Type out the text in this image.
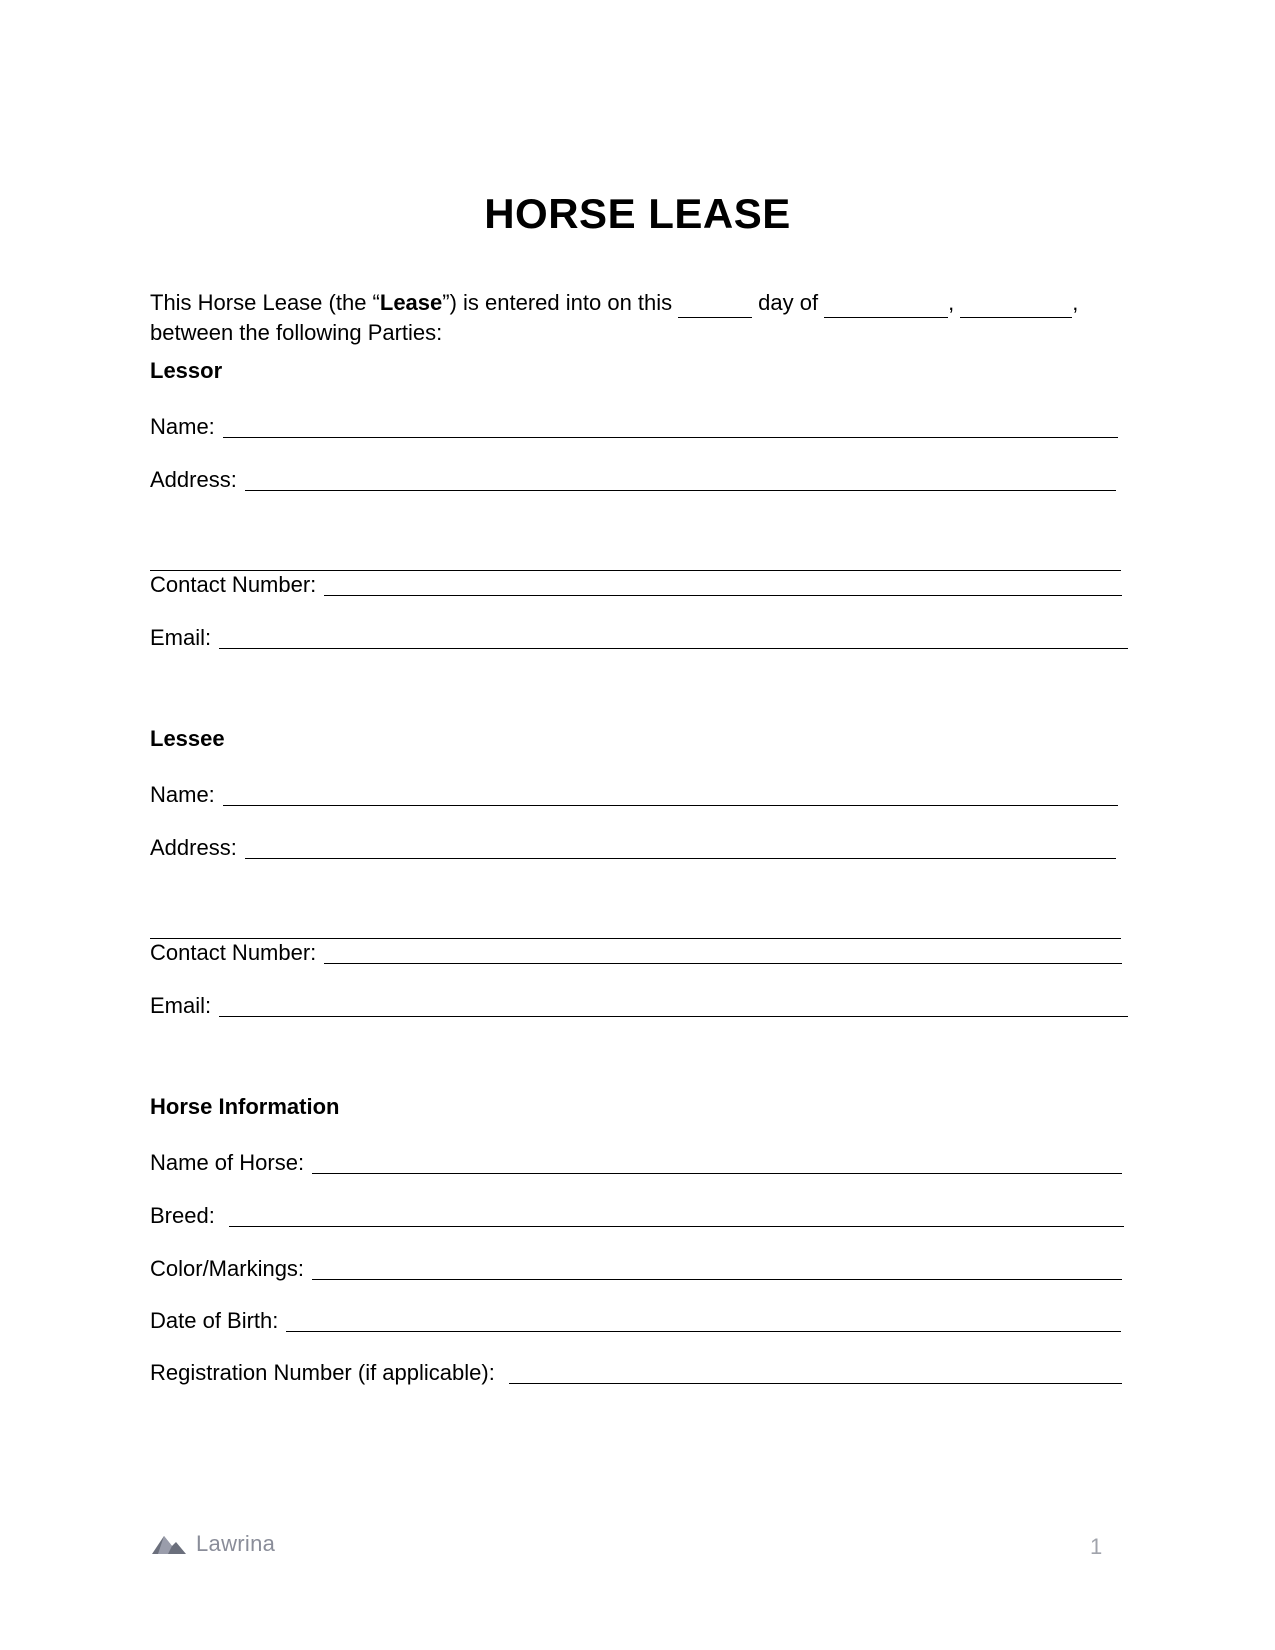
HORSE LEASE
This Horse Lease (the “ Lease ”) is entered into on this	day of	,	,
between the following Parties:
Lessor
Name:
Address:
Contact Number:
Email:
Lessee
Name:
Address:
Contact Number:
Email:
Horse Information
Name of Horse:
Breed:
Color/Markings:
Date of Birth:
Registration Number (if applicable):
Lawrina	1
